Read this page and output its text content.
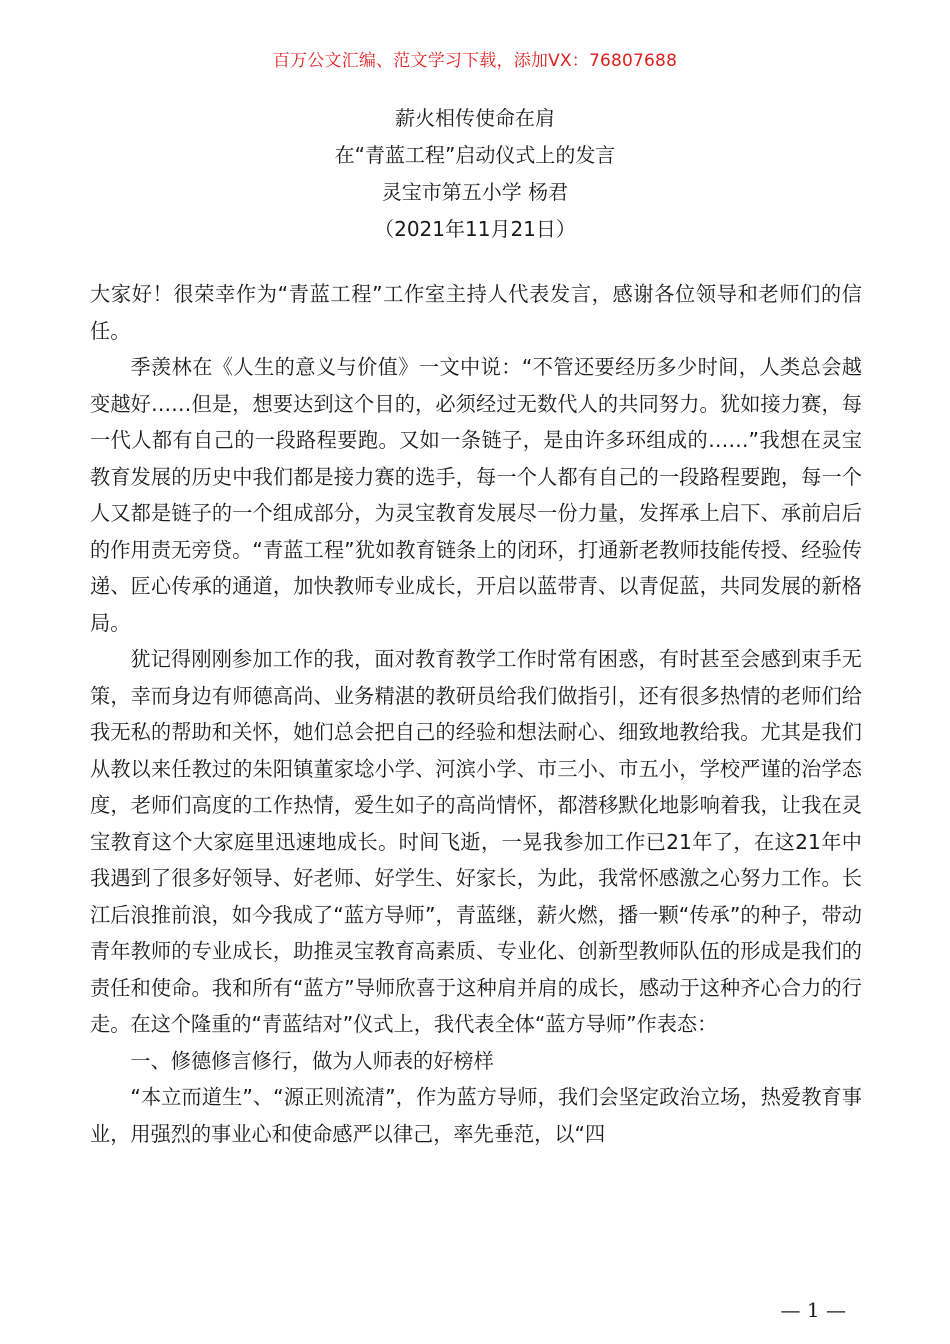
百万公文汇编、范文学习下载，添加VX：76807688
薪火相传使命在肩
在“青蓝工程”启动仪式上的发言
灵宝市第五小学 杨君
（2021年11月21日）

大家好！很荣幸作为“青蓝工程”工作室主持人代表发言，感谢各位领导和老师们的信任。

季羡林在《人生的意义与价值》一文中说：“不管还要经历多少时间，人类总会越变越好……但是，想要达到这个目的，必须经过无数代人的共同努力。犹如接力赛，每一代人都有自己的一段路程要跑。又如一条链子，是由许多环组成的……”我想在灵宝教育发展的历史中我们都是接力赛的选手，每一个人都有自己的一段路程要跑，每一个人又都是链子的一个组成部分，为灵宝教育发展尽一份力量，发挥承上启下、承前启后的作用责无旁贷。“青蓝工程”犹如教育链条上的闭环，打通新老教师技能传授、经验传递、匠心传承的通道，加快教师专业成长，开启以蓝带青、以青促蓝，共同发展的新格局。

犹记得刚刚参加工作的我，面对教育教学工作时常有困惑，有时甚至会感到束手无策，幸而身边有师德高尚、业务精湛的教研员给我们做指引，还有很多热情的老师们给我无私的帮助和关怀，她们总会把自己的经验和想法耐心、细致地教给我。尤其是我们从教以来任教过的朱阳镇董家埝小学、河滨小学、市三小、市五小，学校严谨的治学态度，老师们高度的工作热情，爱生如子的高尚情怀，都潜移默化地影响着我，让我在灵宝教育这个大家庭里迅速地成长。时间飞逝，一晃我参加工作已21年了，在这21年中我遇到了很多好领导、好老师、好学生、好家长，为此，我常怀感激之心努力工作。长江后浪推前浪，如今我成了“蓝方导师”，青蓝继，薪火燃，播一颗“传承”的种子，带动青年教师的专业成长，助推灵宝教育高素质、专业化、创新型教师队伍的形成是我们的责任和使命。我和所有“蓝方”导师欣喜于这种肩并肩的成长，感动于这种齐心合力的行走。在这个隆重的“青蓝结对”仪式上，我代表全体“蓝方导师”作表态：

一、修德修言修行，做为人师表的好榜样

“本立而道生”、“源正则流清”，作为蓝方导师，我们会坚定政治立场，热爱教育事业，用强烈的事业心和使命感严以律己，率先垂范，以“四

— 1 —
